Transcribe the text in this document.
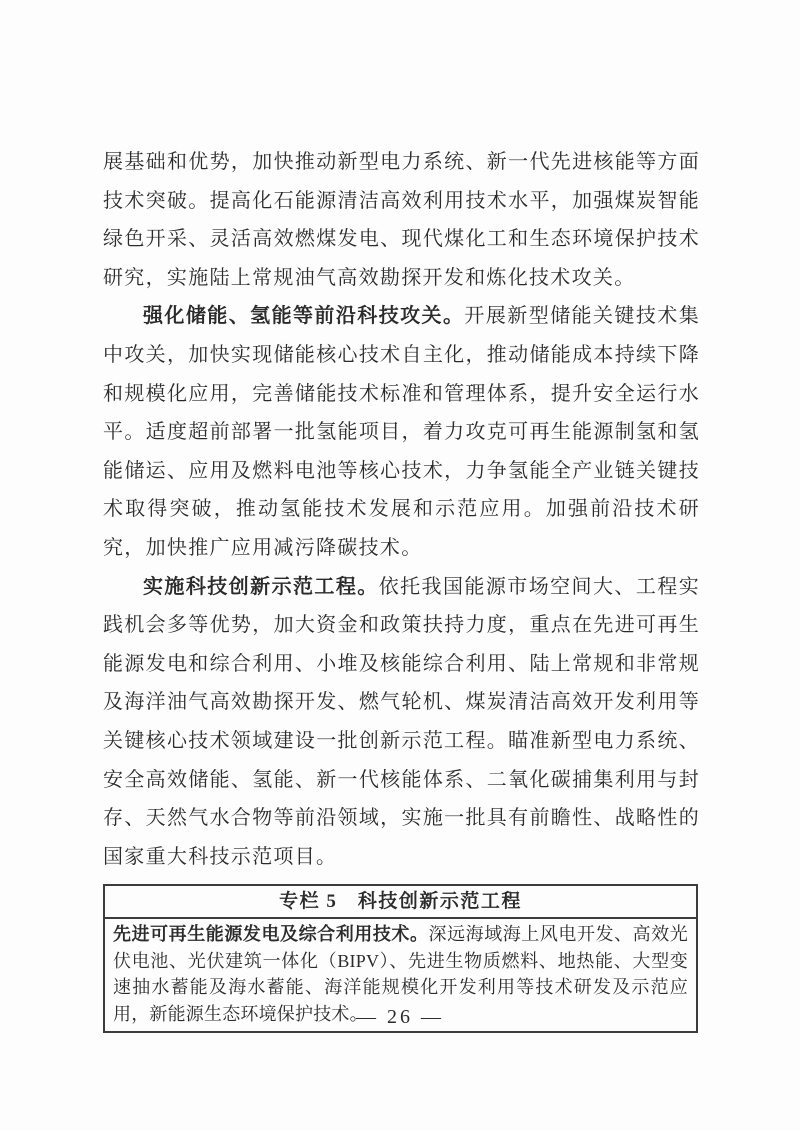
展基础和优势，加快推动新型电力系统、新一代先进核能等方面技术突破。提高化石能源清洁高效利用技术水平，加强煤炭智能绿色开采、灵活高效燃煤发电、现代煤化工和生态环境保护技术研究，实施陆上常规油气高效勘探开发和炼化技术攻关。

强化储能、氢能等前沿科技攻关。开展新型储能关键技术集中攻关，加快实现储能核心技术自主化，推动储能成本持续下降和规模化应用，完善储能技术标准和管理体系，提升安全运行水平。适度超前部署一批氢能项目，着力攻克可再生能源制氢和氢能储运、应用及燃料电池等核心技术，力争氢能全产业链关键技术取得突破，推动氢能技术发展和示范应用。加强前沿技术研究，加快推广应用减污降碳技术。

实施科技创新示范工程。依托我国能源市场空间大、工程实践机会多等优势，加大资金和政策扶持力度，重点在先进可再生能源发电和综合利用、小堆及核能综合利用、陆上常规和非常规及海洋油气高效勘探开发、燃气轮机、煤炭清洁高效开发利用等关键核心技术领域建设一批创新示范工程。瞄准新型电力系统、安全高效储能、氢能、新一代核能体系、二氧化碳捕集利用与封存、天然气水合物等前沿领域，实施一批具有前瞻性、战略性的国家重大科技示范项目。

专栏 5　科技创新示范工程
先进可再生能源发电及综合利用技术。深远海域海上风电开发、高效光伏电池、光伏建筑一体化（BIPV）、先进生物质燃料、地热能、大型变速抽水蓄能及海水蓄能、海洋能规模化开发利用等技术研发及示范应用，新能源生态环境保护技术。
— 26 —
